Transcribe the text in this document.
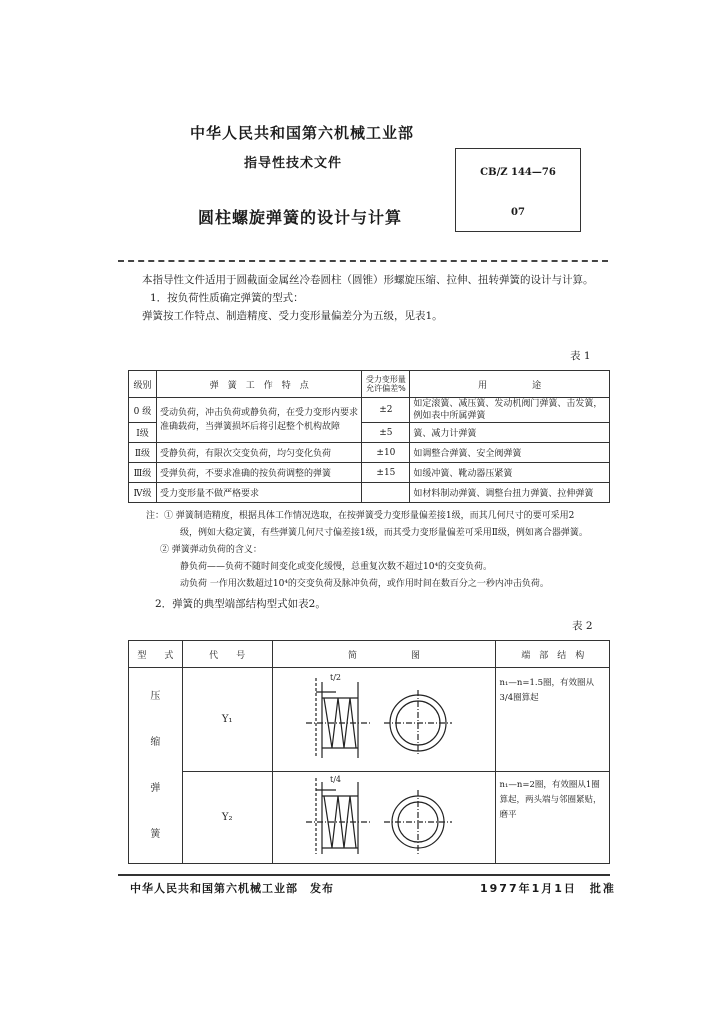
中华人民共和国第六机械工业部
指导性技术文件
圆柱螺旋弹簧的设计与计算
CB/Z 144—76
07
本指导性文件适用于圆截面金属丝冷卷圆柱（圆锥）形螺旋压缩、拉伸、扭转弹簧的设计与计算。
1．按负荷性质确定弹簧的型式：
弹簧按工作特点、制造精度、受力变形量偏差分为五级，见表1。
表 1
级别	弹　簧　工　作　特　点	受力变形量允许偏差%	用　　　　　途
0 级	受动负荷，冲击负荷或静负荷，在受力变形内要求准确载荷，当弹簧损坏后将引起整个机构故障	±2	如定滚簧、减压簧、发动机阀门弹簧、击发簧，例如表中所属弹簧
Ⅰ级		±5	簧、减力计弹簧
Ⅱ级	受静负荷，有限次交变负荷，均匀变化负荷	±10	如调整合弹簧、安全阀弹簧
Ⅲ级	受弹负荷，不要求准确的按负荷调整的弹簧	±15	如缓冲簧、靴动器压紧簧
Ⅳ级	受力变形量不做严格要求		如材料制动弹簧、调整台扭力弹簧、拉伸弹簧
注：① 弹簧制造精度，根据具体工作情况选取，在按弹簧受力变形量偏差接1级，而其几何尺寸的要可采用2
级，例如大稳定簧，有些弹簧几何尺寸偏差接1级，而其受力变形量偏差可采用Ⅱ级，例如离合器弹簧。
② 弹簧弹动负荷的含义：
静负荷——负荷不随时间变化或变化缓慢，总重复次数不超过10⁴的交变负荷。
动负荷 一作用次数超过10⁴的交变负荷及脉冲负荷，或作用时间在数百分之一秒内冲击负荷。
2．弹簧的典型端部结构型式如表2。
表 2
型　　式	代　　号	简　　　　　　图	端　部　结　构

压
缩
弹
簧	Y₁	t/2	n₁—n=1.5圈，有效圈从3/4圈算起
	Y₂	t/4	n₁—n=2圈，有效圈从1圈算起，两头端与邻圈紧贴，磨平
中华人民共和国第六机械工业部　发布	1977年1月1日　批准
